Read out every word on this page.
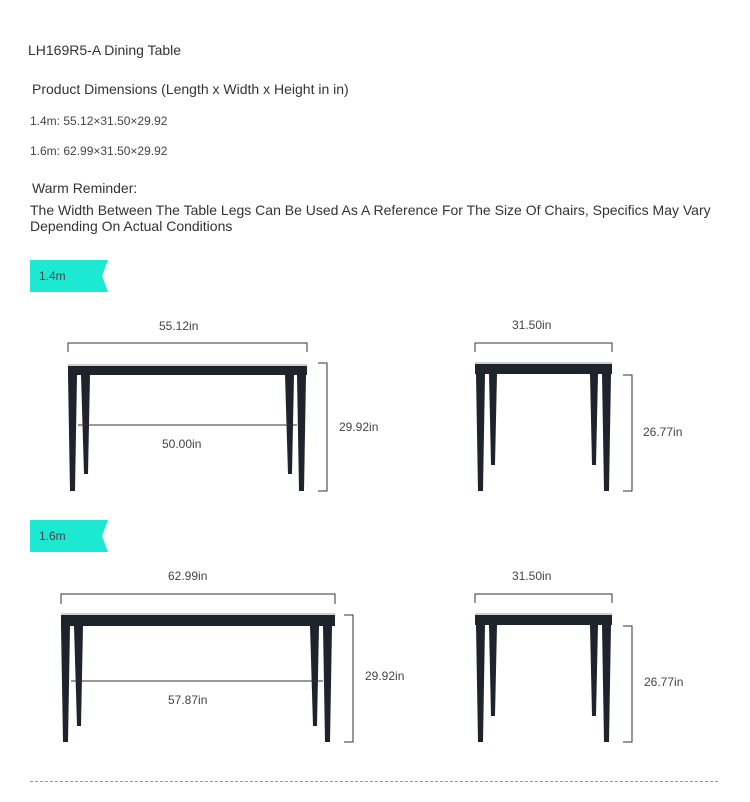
LH169R5-A Dining Table
Product Dimensions (Length x Width x Height in in)
1.4m: 55.12×31.50×29.92
1.6m: 62.99×31.50×29.92
Warm Reminder:
The Width Between The Table Legs Can Be Used As A Reference For The Size Of Chairs, Specifics May Vary Depending On Actual Conditions
1.4m
1.6m
55.12in
29.92in
50.00in
31.50in
26.77in
62.99in
29.92in
57.87in
31.50in
26.77in
